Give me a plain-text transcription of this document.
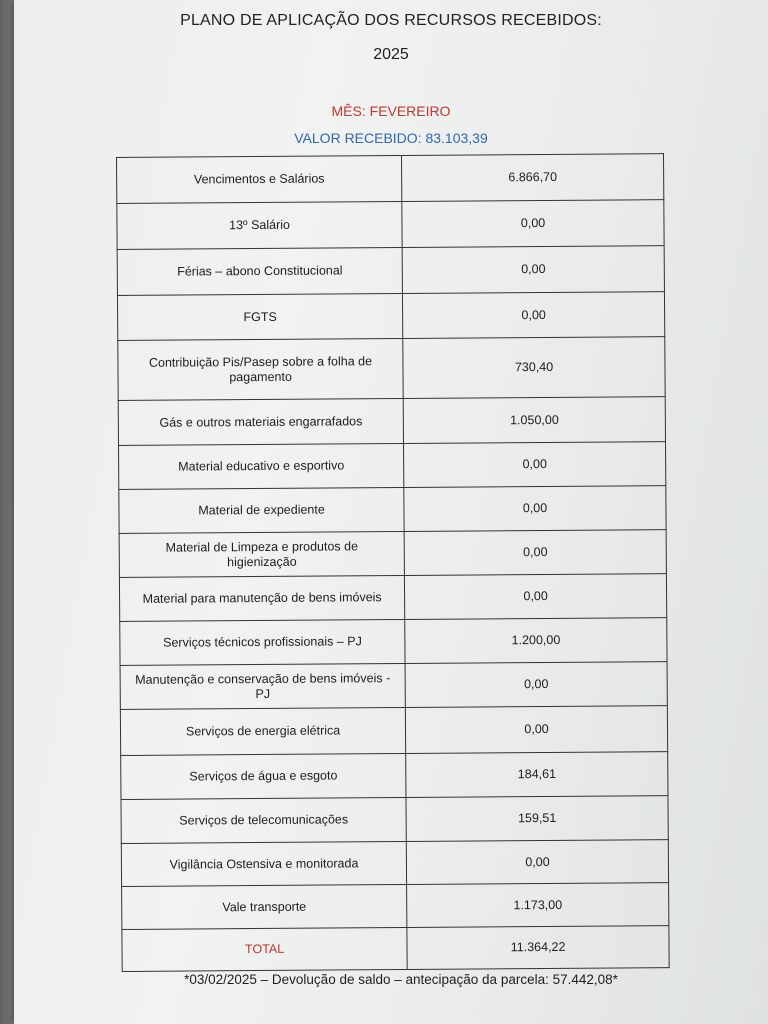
PLANO DE APLICAÇÃO DOS RECURSOS RECEBIDOS:
2025
MÊS: FEVEREIRO
VALOR RECEBIDO: 83.103,39
Vencimentos e Salários	6.866,70
13º Salário	0,00
Férias – abono Constitucional	0,00
FGTS	0,00
Contribuição Pis/Pasep sobre a folha de pagamento	730,40
Gás e outros materiais engarrafados	1.050,00
Material educativo e esportivo	0,00
Material de expediente	0,00
Material de Limpeza e produtos de higienização	0,00
Material para manutenção de bens imóveis	0,00
Serviços técnicos profissionais – PJ	1.200,00
Manutenção e conservação de bens imóveis - PJ	0,00
Serviços de energia elétrica	0,00
Serviços de água e esgoto	184,61
Serviços de telecomunicações	159,51
Vigilância Ostensiva e monitorada	0,00
Vale transporte	1.173,00
TOTAL	11.364,22
*03/02/2025 – Devolução de saldo – antecipação da parcela: 57.442,08*
